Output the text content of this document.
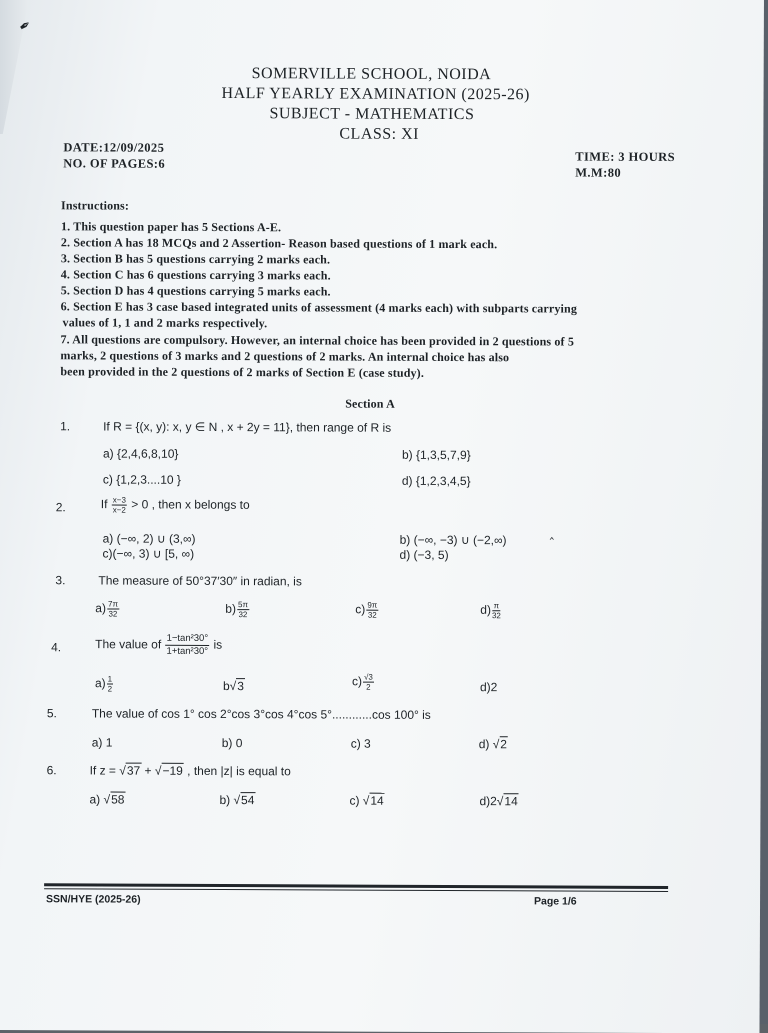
✒
SOMERVILLE SCHOOL, NOIDA
HALF YEARLY EXAMINATION (2025-26)
SUBJECT - MATHEMATICS
CLASS: XI
DATE:12/09/2025
NO. OF PAGES:6	TIME: 3 HOURS
M.M:80
Instructions:
1. This question paper has 5 Sections A-E.
2. Section A has 18 MCQs and 2 Assertion- Reason based questions of 1 mark each.
3. Section B has 5 questions carrying 2 marks each.
4. Section C has 6 questions carrying 3 marks each.
5. Section D has 4 questions carrying 5 marks each.
6. Section E has 3 case based integrated units of assessment (4 marks each) with subparts carrying
values of 1, 1 and 2 marks respectively.
7. All questions are compulsory. However, an internal choice has been provided in 2 questions of 5
marks, 2 questions of 3 marks and 2 questions of 2 marks. An internal choice has also
been provided in the 2 questions of 2 marks of Section E (case study).
Section A
1.	If R = {(x, y): x, y ∈ N , x + 2y = 11}, then range of R is
a) {2,4,6,8,10}	b) {1,3,5,7,9}
c) {1,2,3....10 }	d) {1,2,3,4,5}
2.	If $\frac{x-3}{x-2} > 0$ , then x belongs to
a) (−∞, 2) ∪ (3,∞)	b) (−∞, −3) ∪ (−2,∞)
‸
c)(−∞, 3) ∪ [5, ∞)	d) (−3, 5)
3.	The measure of 50°37′30″ in radian, is
$a) \frac{7\pi}{32}$	$b) \frac{5\pi}{32}$	$c) \frac{9\pi}{32}$	$d) \frac{\pi}{32}$
4.	The value of $\frac{\text{1−tan²30°}}{\text{1+tan²30°}}$ is
$a) \frac{1}{2}$	b√3	$c) \frac{√3}{2}$	d)2
5.	The value of cos 1° cos 2°cos 3°cos 4°cos 5°............cos 100° is
a) 1	b) 0	c) 3	d) √2
6.	If z = √37 + √−19 , then |z| is equal to
a) √58	b) √54	c) √14	d)2√14
SSN/HYE (2025-26)	Page 1/6
